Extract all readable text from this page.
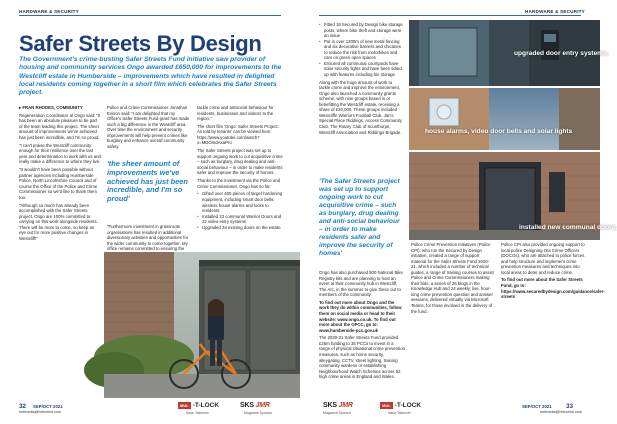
HARDWARE & SECURITY
Safer Streets By Design
The Government's crime-busting Safer Streets Fund initiative saw provider of housing and community services Ongo awarded £650,000 for improvements to the Westcliff estate in Humberside – improvements which have resulted in delighted local residents coming together in a short film which celebrates the Safer Streets project.

▸ FRAN RHODES, COMMUNITY

Regeneration Coordinator at Ongo said: "It has been an absolute pleasure to be part of the team leading this project. The sheer amount of improvements we've achieved has just been incredible, and I'm so proud.

"I can't praise the Westcliff community enough for their resilience over the last year and determination to work with us and really make a difference to where they live.

"It wouldn't have been possible without partner agencies including Humberside Police, North Lincolnshire Council and of course the Office of the Police and Crime Commissioner so we'd like to thank them too.

"Although so much has already been accomplished with the Safer Streets project, Ongo are 100% committed to carrying on this work alongside residents. There will be more to come, so keep an eye out for more positive changes in Westcliff!"

Police and Crime Commissioner Jonathan Evison said: "I am delighted that my Office's Safer Streets Fund grant has made such a big difference in the Westcliff area. Over time the environment and security improvements will help prevent crimes like burglary and enhance overall community safety.

'the sheer amount of improvements we've achieved has just been incredible, and I'm so proud'

"Furthermore investment in grassroots organisations has resulted in additional diversionary activities and opportunities for the wider community to come together. My office remains committed to ensuring the

tackle crime and antisocial behaviour for residents, businesses and visitors to the region."

The short film 'Ongo: Safer Streets Project: As told by tenants' can be viewed here: https://www.youtube.com/watch?v=MDOmdAxaPro

The Safer Streets project was set up to support ongoing work to cut acquisitive crime – such as burglary, drug dealing and anti-social behaviour – in order to make residents safer and improve the security of homes.

Thanks to the investment via the Police and Crime Commissioner, Ongo has so far:

• Gifted over 400 pieces of target hardening equipment, including smart door bells, wireless house alarms and locks to residents
• Installed 23 communal Warrior Doors and 22 video entry systems
• Upgraded 34 existing doors on the estate
HARDWARE & SECURITY
• Fitted 18 Secured by Design bike storage posts, where bike theft and storage were an issue
• Put in over 1200m of new metal fencing and six decorative barriers and chicanes to reduce the risk from motorbikes and cars on green open spaces
• Ensured all communal courtyards have solar security lights and have been tidied up with features including bin storage

Along with the huge amount of work to tackle crime and improve the environment, Ongo also launched a community grants scheme, with nine groups based in or benefitting the Westcliff estate, receiving a share of £20,000. These groups included Westcliffe Warriors Football Club, Jan's Special Place Riddings, Access Community Club, The Rotary Club of Scunthorpe, Westcliff Association and Riddings Brigade.

'The Safer Streets project was set up to support ongoing work to cut acquisitive crime – such as burglary, drug dealing and anti-social behaviour – in order to make residents safer and improve the security of homes'

Ongo has also purchased 500 National Bike Registry kits and are planning to host an event at their community hub in Westcliff, The Arc, in the summer to give these out to members of the community.

To find out more about Ongo and the work they do within communities, follow them on social media or head to their website: www.ongo.co.uk. To find out more about the OPCC, go to: www.humberside-pcc.gov.uk

The 2020-21 Safer Streets Fund provided £25m funding to 35 PCCs to invest in a range of physical situational crime prevention measures, such as home security, alleygating, CCTV, street lighting, training community wardens or establishing Neighbourhood Watch Schemes across 52 high crime areas in England and Wales.

upgraded door entry systems,
house alarms, video door bells and solar lights
installed new communal doors,

Police Crime Prevention Initiatives (Police CPI), who run the Secured by Design initiative, created a range of support material for the Safer Streets Fund 2020-21, which included a number of technical guides, a range of training courses to assist Police and Crime Commissioners making their bids, a series of 26 blogs in the Knowledge Hub and 24 weekly, live, hour-long crime prevention question and answer sessions, delivered virtually via Microsoft Teams, for those involved in the delivery of the fund.

Police CPI also provided ongoing support to local police Designing Out Crime Officers (DOCOs), who are attached to police forces and help structure and implement crime prevention measures and techniques into local areas to deter and reduce crime.

To find out more about the Safer Streets Fund, go to: https://www.securedbydesign.com/guidance/safer-streets

32 SEP/OCT 2021
hnfmedia@brtcomsl.com
MUL -T-LOCK
Issue Takeover
SKS JMR
Magazine Sponsor
SKS JMR
Magazine Sponsor
MUL -T-LOCK
Issue Takeover
SEP/OCT 2021 33
hnfmedia@brtcomsl.com
